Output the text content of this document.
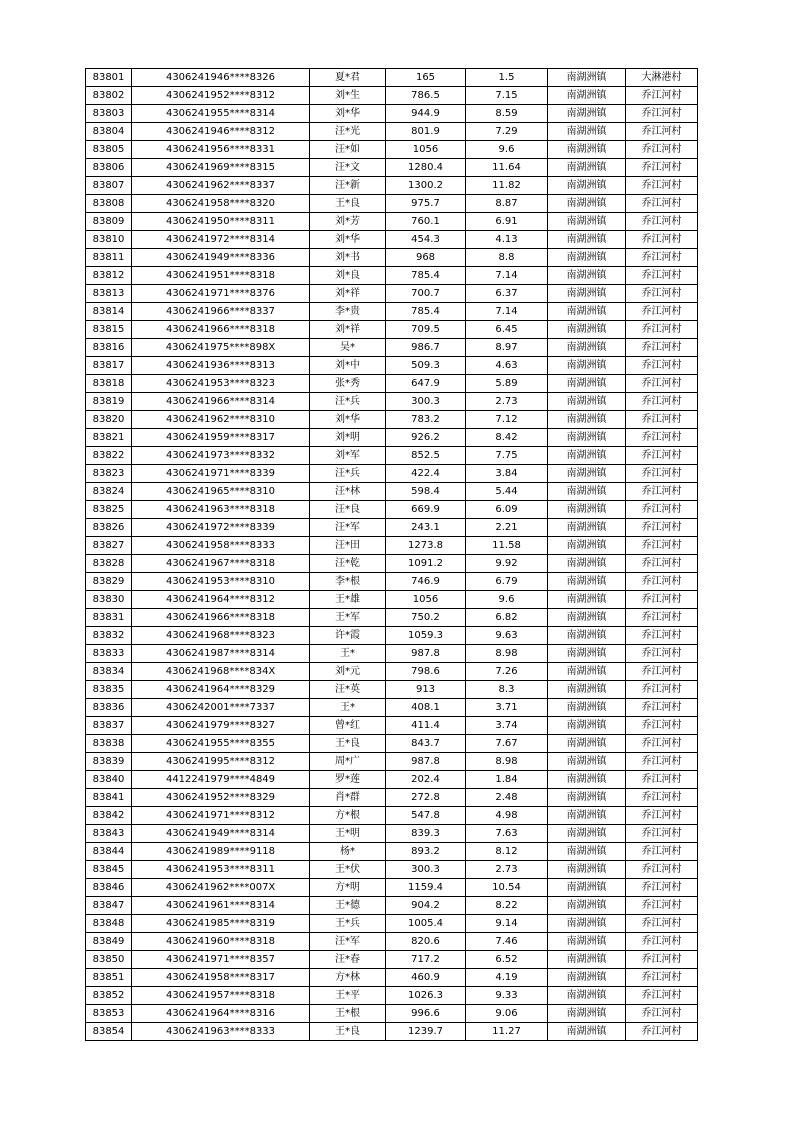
83801	4306241946****8326	夏*君	165	1.5	南湖洲镇	大淋港村
83802	4306241952****8312	刘*生	786.5	7.15	南湖洲镇	乔江河村
83803	4306241955****8314	刘*华	944.9	8.59	南湖洲镇	乔江河村
83804	4306241946****8312	汪*光	801.9	7.29	南湖洲镇	乔江河村
83805	4306241956****8331	汪*如	1056	9.6	南湖洲镇	乔江河村
83806	4306241969****8315	汪*文	1280.4	11.64	南湖洲镇	乔江河村
83807	4306241962****8337	汪*新	1300.2	11.82	南湖洲镇	乔江河村
83808	4306241958****8320	王*良	975.7	8.87	南湖洲镇	乔江河村
83809	4306241950****8311	刘*芳	760.1	6.91	南湖洲镇	乔江河村
83810	4306241972****8314	刘*华	454.3	4.13	南湖洲镇	乔江河村
83811	4306241949****8336	刘*书	968	8.8	南湖洲镇	乔江河村
83812	4306241951****8318	刘*良	785.4	7.14	南湖洲镇	乔江河村
83813	4306241971****8376	刘*祥	700.7	6.37	南湖洲镇	乔江河村
83814	4306241966****8337	李*贵	785.4	7.14	南湖洲镇	乔江河村
83815	4306241966****8318	刘*祥	709.5	6.45	南湖洲镇	乔江河村
83816	4306241975****898X	吴*	986.7	8.97	南湖洲镇	乔江河村
83817	4306241936****8313	刘*中	509.3	4.63	南湖洲镇	乔江河村
83818	4306241953****8323	张*秀	647.9	5.89	南湖洲镇	乔江河村
83819	4306241966****8314	汪*兵	300.3	2.73	南湖洲镇	乔江河村
83820	4306241962****8310	刘*华	783.2	7.12	南湖洲镇	乔江河村
83821	4306241959****8317	刘*明	926.2	8.42	南湖洲镇	乔江河村
83822	4306241973****8332	刘*军	852.5	7.75	南湖洲镇	乔江河村
83823	4306241971****8339	汪*兵	422.4	3.84	南湖洲镇	乔江河村
83824	4306241965****8310	汪*林	598.4	5.44	南湖洲镇	乔江河村
83825	4306241963****8318	汪*良	669.9	6.09	南湖洲镇	乔江河村
83826	4306241972****8339	汪*军	243.1	2.21	南湖洲镇	乔江河村
83827	4306241958****8333	汪*田	1273.8	11.58	南湖洲镇	乔江河村
83828	4306241967****8318	汪*乾	1091.2	9.92	南湖洲镇	乔江河村
83829	4306241953****8310	李*根	746.9	6.79	南湖洲镇	乔江河村
83830	4306241964****8312	王*雄	1056	9.6	南湖洲镇	乔江河村
83831	4306241966****8318	王*军	750.2	6.82	南湖洲镇	乔江河村
83832	4306241968****8323	许*霞	1059.3	9.63	南湖洲镇	乔江河村
83833	4306241987****8314	王*	987.8	8.98	南湖洲镇	乔江河村
83834	4306241968****834X	刘*元	798.6	7.26	南湖洲镇	乔江河村
83835	4306241964****8329	汪*英	913	8.3	南湖洲镇	乔江河村
83836	4306242001****7337	王*	408.1	3.71	南湖洲镇	乔江河村
83837	4306241979****8327	曾*红	411.4	3.74	南湖洲镇	乔江河村
83838	4306241955****8355	王*良	843.7	7.67	南湖洲镇	乔江河村
83839	4306241995****8312	周*广	987.8	8.98	南湖洲镇	乔江河村
83840	4412241979****4849	罗*莲	202.4	1.84	南湖洲镇	乔江河村
83841	4306241952****8329	肖*群	272.8	2.48	南湖洲镇	乔江河村
83842	4306241971****8312	方*根	547.8	4.98	南湖洲镇	乔江河村
83843	4306241949****8314	王*明	839.3	7.63	南湖洲镇	乔江河村
83844	4306241989****9118	杨*	893.2	8.12	南湖洲镇	乔江河村
83845	4306241953****8311	王*伏	300.3	2.73	南湖洲镇	乔江河村
83846	4306241962****007X	方*明	1159.4	10.54	南湖洲镇	乔江河村
83847	4306241961****8314	王*德	904.2	8.22	南湖洲镇	乔江河村
83848	4306241985****8319	王*兵	1005.4	9.14	南湖洲镇	乔江河村
83849	4306241960****8318	汪*军	820.6	7.46	南湖洲镇	乔江河村
83850	4306241971****8357	汪*春	717.2	6.52	南湖洲镇	乔江河村
83851	4306241958****8317	方*林	460.9	4.19	南湖洲镇	乔江河村
83852	4306241957****8318	王*平	1026.3	9.33	南湖洲镇	乔江河村
83853	4306241964****8316	王*根	996.6	9.06	南湖洲镇	乔江河村
83854	4306241963****8333	王*良	1239.7	11.27	南湖洲镇	乔江河村
